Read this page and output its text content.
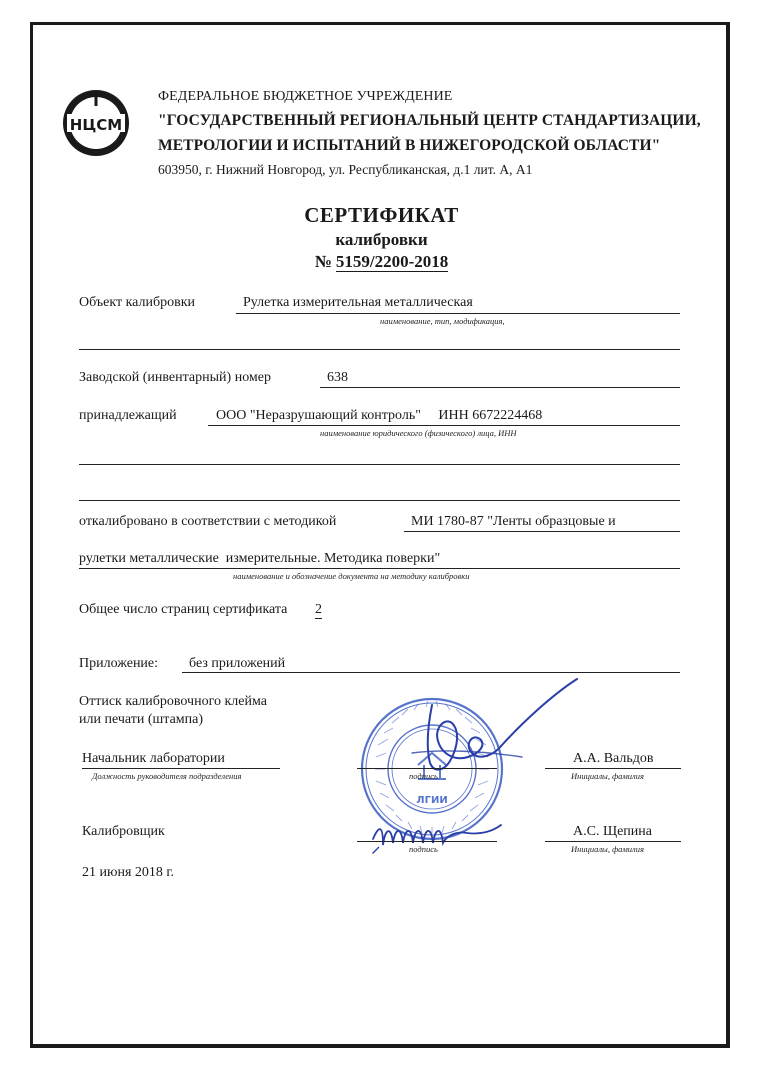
НЦСМ
ФЕДЕРАЛЬНОЕ БЮДЖЕТНОЕ УЧРЕЖДЕНИЕ
"ГОСУДАРСТВЕННЫЙ РЕГИОНАЛЬНЫЙ ЦЕНТР СТАНДАРТИЗАЦИИ,
МЕТРОЛОГИИ И ИСПЫТАНИЙ В НИЖЕГОРОДСКОЙ ОБЛАСТИ"
603950, г. Нижний Новгород, ул. Республиканская, д.1 лит. А, А1
СЕРТИФИКАТ
калибровки
№ 5159/2200-2018
Объект калибровки	Рулетка измерительная металлическая
наименование, тип, модификация,
Заводской (инвентарный) номер	638
принадлежащий	ООО "Неразрушающий контроль"     ИНН 6672224468
наименование юридического (физического) лица, ИНН
откалибровано в соответствии с методикой	МИ 1780-87 "Ленты образцовые и
рулетки металлические  измерительные. Методика поверки"
наименование и обозначение документа на методику калибровки
Общее число страниц сертификата 2
Приложение: без приложений
Оттиск калибровочного клейма
или печати (штампа)
ЛГИИ
Начальник лаборатории
Должность руководителя подразделения	подпись
А.А. Вальдов
Инициалы, фамилия
Калибровщик
подпись
А.С. Щепина
Инициалы, фамилия
21 июня 2018 г.
